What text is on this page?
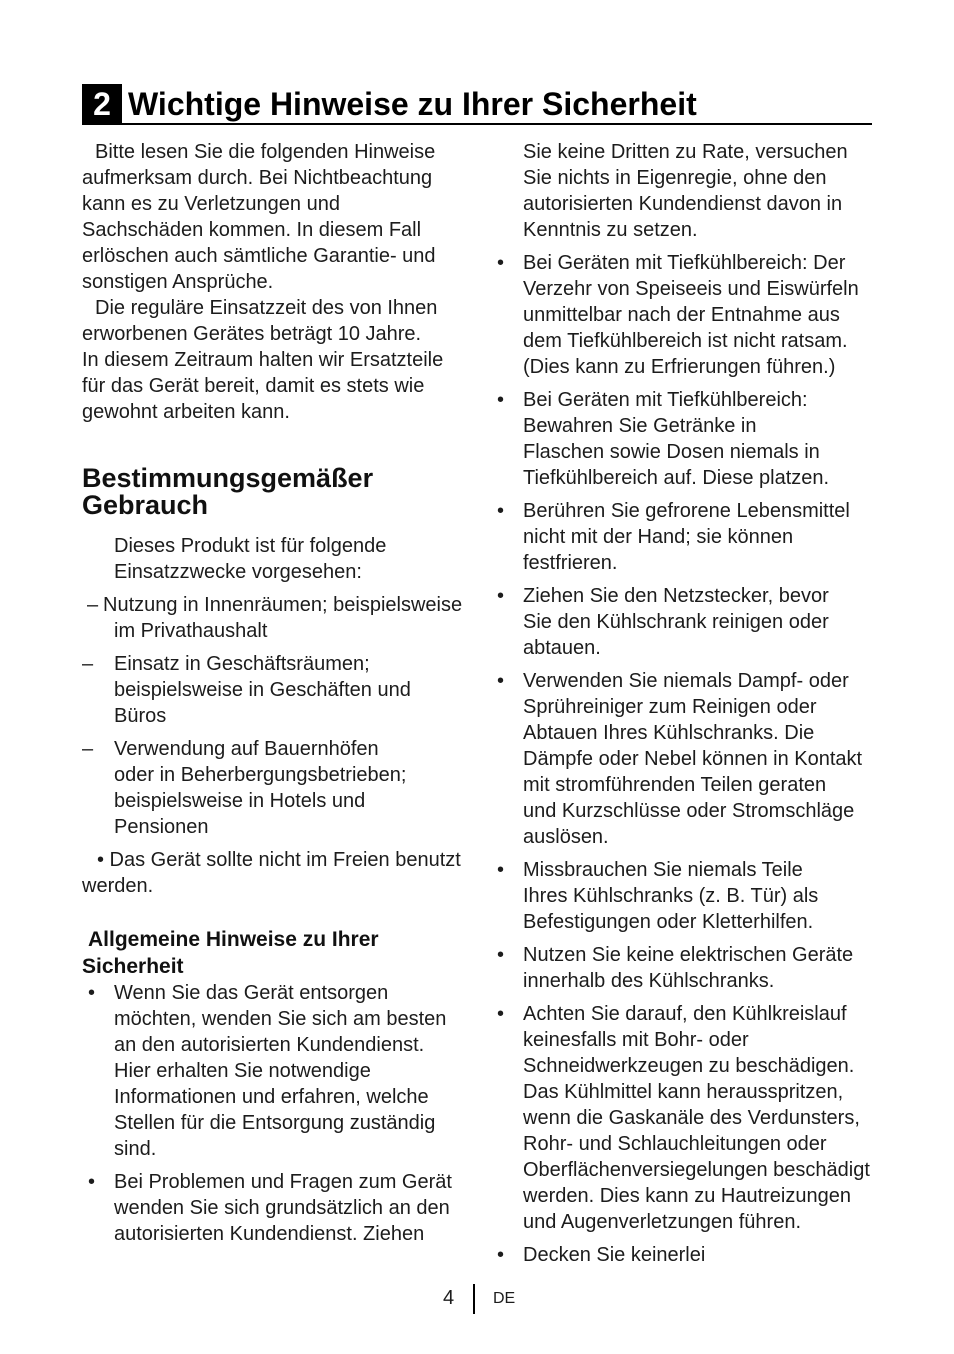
2 Wichtige Hinweise zu Ihrer Sicherheit

Bitte lesen Sie die folgenden Hinweise
aufmerksam durch. Bei Nichtbeachtung
kann es zu Verletzungen und
Sachschäden kommen. In diesem Fall
erlöschen auch sämtliche Garantie- und
sonstigen Ansprüche.

Die reguläre Einsatzzeit des von Ihnen
erworbenen Gerätes beträgt 10 Jahre.
In diesem Zeitraum halten wir Ersatzteile
für das Gerät bereit, damit es stets wie
gewohnt arbeiten kann.

Bestimmungsgemäßer
Gebrauch
Dieses Produkt ist für folgende
Einsatzzwecke vorgesehen:
– Nutzung in Innenräumen; beispielsweise
im Privathaushalt
– Einsatz in Geschäftsräumen;
beispielsweise in Geschäften und
Büros
– Verwendung auf Bauernhöfen
oder in Beherbergungsbetrieben;
beispielsweise in Hotels und
Pensionen
• Das Gerät sollte nicht im Freien benutzt
werden.
Allgemeine Hinweise zu Ihrer
Sicherheit
• Wenn Sie das Gerät entsorgen
möchten, wenden Sie sich am besten
an den autorisierten Kundendienst.
Hier erhalten Sie notwendige
Informationen und erfahren, welche
Stellen für die Entsorgung zuständig
sind.
• Bei Problemen und Fragen zum Gerät
wenden Sie sich grundsätzlich an den
autorisierten Kundendienst. Ziehen
Sie keine Dritten zu Rate, versuchen
Sie nichts in Eigenregie, ohne den
autorisierten Kundendienst davon in
Kenntnis zu setzen.
• Bei Geräten mit Tiefkühlbereich: Der
Verzehr von Speiseeis und Eiswürfeln
unmittelbar nach der Entnahme aus
dem Tiefkühlbereich ist nicht ratsam.
(Dies kann zu Erfrierungen führen.)
• Bei Geräten mit Tiefkühlbereich:
Bewahren Sie Getränke in
Flaschen sowie Dosen niemals in
Tiefkühlbereich auf. Diese platzen.
• Berühren Sie gefrorene Lebensmittel
nicht mit der Hand; sie können
festfrieren.
• Ziehen Sie den Netzstecker, bevor
Sie den Kühlschrank reinigen oder
abtauen.
• Verwenden Sie niemals Dampf- oder
Sprühreiniger zum Reinigen oder
Abtauen Ihres Kühlschranks. Die
Dämpfe oder Nebel können in Kontakt
mit stromführenden Teilen geraten
und Kurzschlüsse oder Stromschläge
auslösen.
• Missbrauchen Sie niemals Teile
Ihres Kühlschranks (z. B. Tür) als
Befestigungen oder Kletterhilfen.
• Nutzen Sie keine elektrischen Geräte
innerhalb des Kühlschranks.
• Achten Sie darauf, den Kühlkreislauf
keinesfalls mit Bohr- oder
Schneidwerkzeugen zu beschädigen.
Das Kühlmittel kann herausspritzen,
wenn die Gaskanäle des Verdunsters,
Rohr- und Schlauchleitungen oder
Oberflächenversiegelungen beschädigt
werden. Dies kann zu Hautreizungen
und Augenverletzungen führen.
• Decken Sie keinerlei
4 DE
